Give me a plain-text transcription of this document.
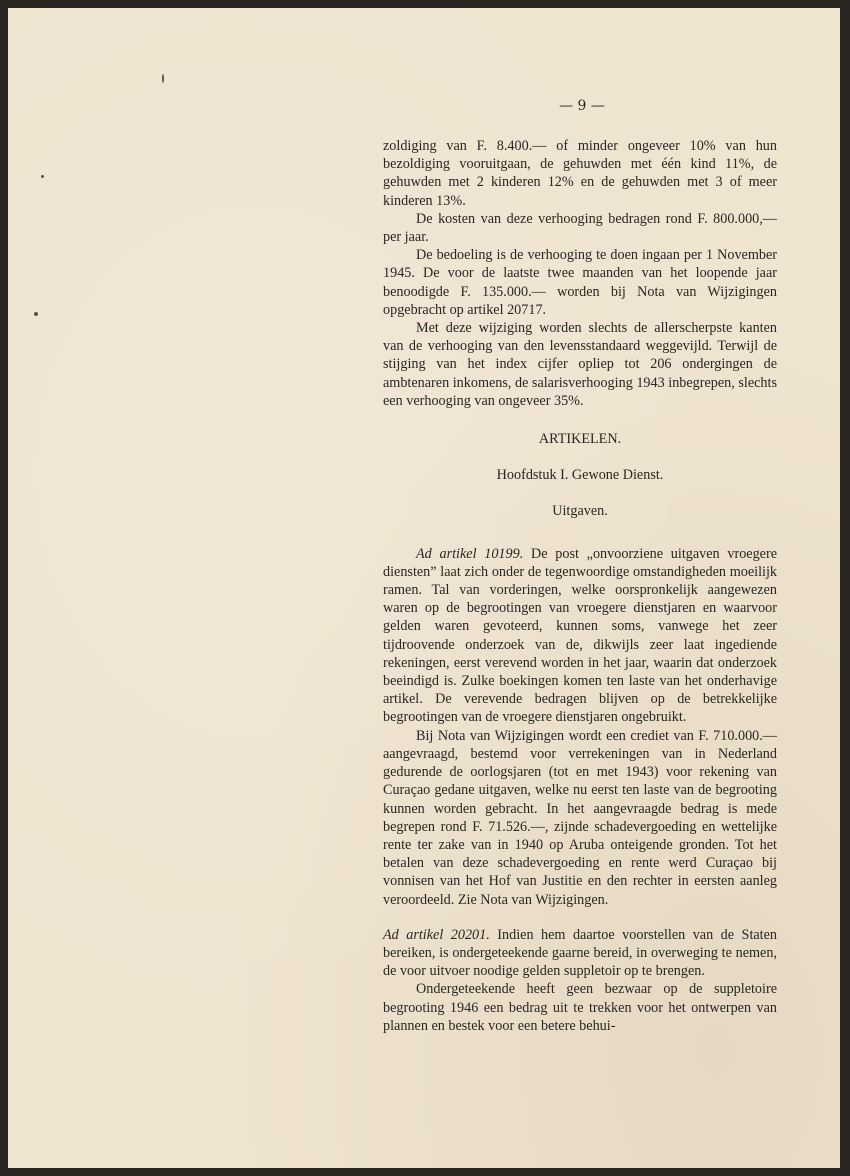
— 9 —

zoldiging van F. 8.400.— of minder ongeveer 10% van hun bezoldiging vooruitgaan, de gehuwden met één kind 11%, de gehuwden met 2 kinderen 12% en de gehuwden met 3 of meer kinderen 13%.

De kosten van deze verhooging bedragen rond F. 800.000,— per jaar.

De bedoeling is de verhooging te doen ingaan per 1 November 1945. De voor de laatste twee maanden van het loopende jaar benoodigde F. 135.000.— worden bij Nota van Wijzigingen opgebracht op artikel 20717.

Met deze wijziging worden slechts de allerscherpste kanten van de verhooging van den levensstandaard weggevijld. Terwijl de stijging van het index cijfer opliep tot 206 ondergingen de ambtenaren inkomens, de salarisverhooging 1943 inbegrepen, slechts een verhooging van ongeveer 35%.

ARTIKELEN.

Hoofdstuk I. Gewone Dienst.

Uitgaven.

Ad artikel 10199. De post „onvoorziene uitgaven vroegere diensten” laat zich onder de tegenwoordige omstandigheden moeilijk ramen. Tal van vorderingen, welke oorspronkelijk aangewezen waren op de begrootingen van vroegere dienstjaren en waarvoor gelden waren gevoteerd, kunnen soms, vanwege het zeer tijdroovende onderzoek van de, dikwijls zeer laat ingediende rekeningen, eerst verevend worden in het jaar, waarin dat onderzoek beeindigd is. Zulke boekingen komen ten laste van het onderhavige artikel. De verevende bedragen blijven op de betrekkelijke begrootingen van de vroegere dienstjaren ongebruikt.

Bij Nota van Wijzigingen wordt een crediet van F. 710.000.— aangevraagd, bestemd voor verrekeningen van in Nederland gedurende de oorlogsjaren (tot en met 1943) voor rekening van Curaçao gedane uitgaven, welke nu eerst ten laste van de begrooting kunnen worden gebracht. In het aangevraagde bedrag is mede begrepen rond F. 71.526.—, zijnde schadevergoeding en wettelijke rente ter zake van in 1940 op Aruba onteigende gronden. Tot het betalen van deze schadevergoeding en rente werd Curaçao bij vonnisen van het Hof van Justitie en den rechter in eersten aanleg veroordeeld. Zie Nota van Wijzigingen.

Ad artikel 20201. Indien hem daartoe voorstellen van de Staten bereiken, is ondergeteekende gaarne bereid, in overweging te nemen, de voor uitvoer noodige gelden suppletoir op te brengen.

Ondergeteekende heeft geen bezwaar op de suppletoire begrooting 1946 een bedrag uit te trekken voor het ontwerpen van plannen en bestek voor een betere behui-
